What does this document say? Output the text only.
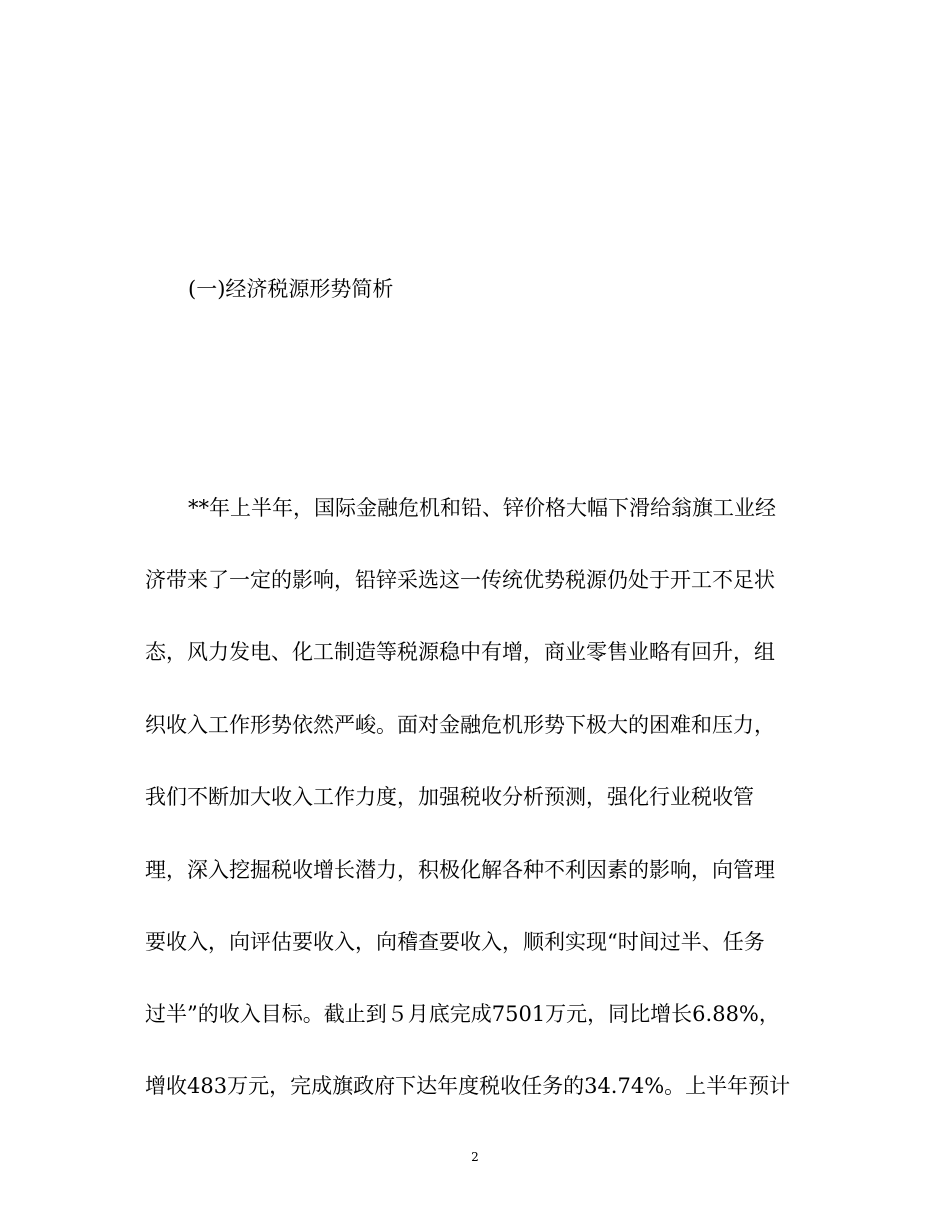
(一)经济税源形势简析
**年上半年，国际金融危机和铅、锌价格大幅下滑给翁旗工业经
济带来了一定的影响，铅锌采选这一传统优势税源仍处于开工不足状
态，风力发电、化工制造等税源稳中有增，商业零售业略有回升，组
织收入工作形势依然严峻。面对金融危机形势下极大的困难和压力，
我们不断加大收入工作力度，加强税收分析预测，强化行业税收管
理，深入挖掘税收增长潜力，积极化解各种不利因素的影响，向管理
要收入，向评估要收入，向稽查要收入，顺利实现“时间过半、任务
过半”的收入目标。截止到５月底完成7501万元，同比增长6.88%，
增收483万元，完成旗政府下达年度税收任务的34.74%。上半年预计
2
